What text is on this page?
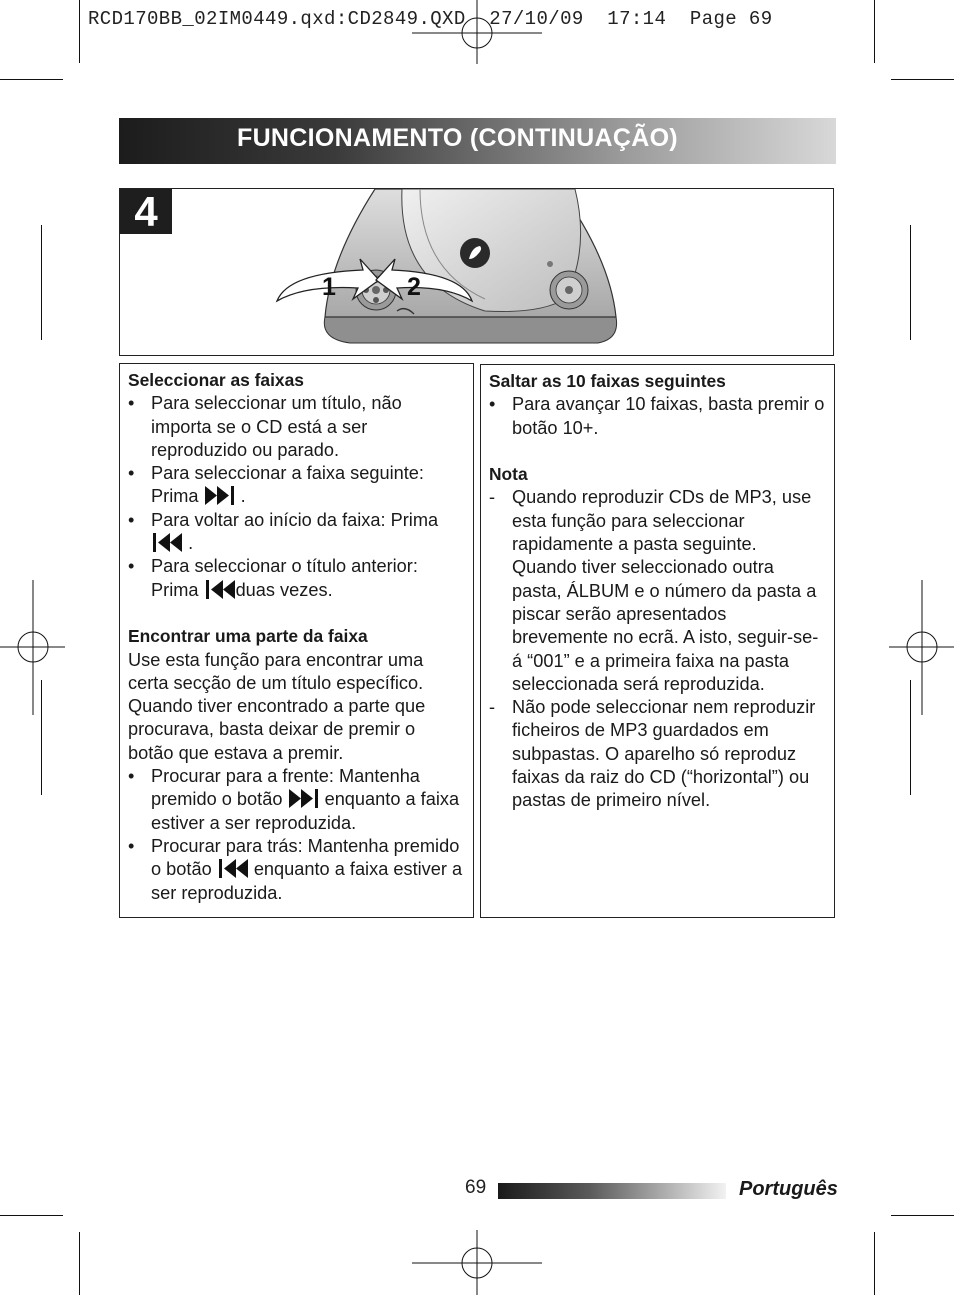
RCD170BB_02IM0449.qxd:CD2849.QXD  27/10/09  17:14  Page 69
FUNCIONAMENTO (CONTINUAÇÃO)
1	2
4
Seleccionar as faixas
• Para seleccionar um título, não importa se o CD está a ser reproduzido ou parado.
• Para seleccionar a faixa seguinte: Prima .
• Para voltar ao início da faixa: Prima  .
• Para seleccionar o título anterior: Prima duas vezes.
Encontrar uma parte da faixa
Use esta função para encontrar uma certa secção de um título específico. Quando tiver encontrado a parte que procurava, basta deixar de premir o botão que estava a premir.
• Procurar para a frente: Mantenha premido o botão enquanto a faixa estiver a ser reproduzida.
• Procurar para trás: Mantenha premido o botão enquanto a faixa estiver a ser reproduzida.
Saltar as 10 faixas seguintes
• Para avançar 10 faixas, basta premir o botão 10+.
Nota
- Quando reproduzir CDs de MP3, use esta função para seleccionar rapidamente a pasta seguinte. Quando tiver seleccionado outra pasta, ÁLBUM e o número da pasta a piscar serão apresentados brevemente no ecrã. A isto, seguir-se-á “001” e a primeira faixa na pasta seleccionada será reproduzida.
- Não pode seleccionar nem reproduzir ficheiros de MP3 guardados em subpastas. O aparelho só reproduz faixas da raiz do CD (“horizontal”) ou pastas de primeiro nível.
69	Português
